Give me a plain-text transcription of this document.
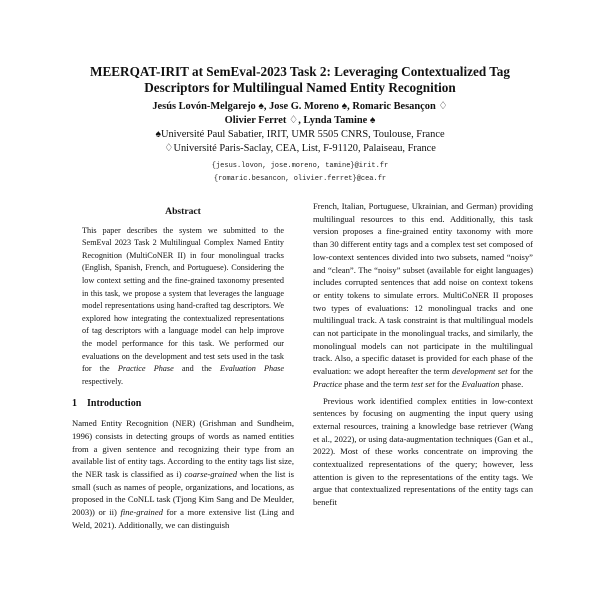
MEERQAT-IRIT at SemEval-2023 Task 2: Leveraging Contextualized Tag
Descriptors for Multilingual Named Entity Recognition
Jesús Lovón-Melgarejo ♠, Jose G. Moreno ♠, Romaric Besançon ♢
Olivier Ferret ♢, Lynda Tamine ♠
♠Université Paul Sabatier, IRIT, UMR 5505 CNRS, Toulouse, France
♢Université Paris-Saclay, CEA, List, F-91120, Palaiseau, France
{jesus.lovon, jose.moreno, tamine}@irit.fr
{romaric.besancon, olivier.ferret}@cea.fr
Abstract

This paper describes the system we submitted to the SemEval 2023 Task 2 Multilingual Complex Named Entity Recognition (MultiCoNER II) in four monolingual tracks (English, Spanish, French, and Portuguese). Considering the low context setting and the fine-grained taxonomy presented in this task, we propose a system that leverages the language model representations using hand-crafted tag descriptors. We explored how integrating the contextualized representations of tag descriptors with a language model can help improve the model performance for this task. We performed our evaluations on the development and test sets used in the task for the Practice Phase and the Evaluation Phase respectively.

1 Introduction

Named Entity Recognition (NER) (Grishman and Sundheim, 1996) consists in detecting groups of words as named entities from a given sentence and recognizing their type from an available list of entity tags. According to the entity tags list size, the NER task is classified as i) coarse-grained when the list is small (such as names of people, organizations, and locations, as proposed in the CoNLL task (Tjong Kim Sang and De Meulder, 2003)) or ii) fine-grained for a more extensive list (Ling and Weld, 2021). Additionally, we can distinguish

French, Italian, Portuguese, Ukrainian, and German) providing multilingual resources to this end. Additionally, this task version proposes a fine-grained entity taxonomy with more than 30 different entity tags and a complex test set composed of low-context sentences divided into two subsets, named “noisy” and “clean”. The “noisy” subset (available for eight languages) includes corrupted sentences that add noise on context tokens or entity tokens to simulate errors. MultiCoNER II proposes two types of evaluations: 12 monolingual tracks and one multilingual track. A task constraint is that multilingual models can not participate in the monolingual tracks, and similarly, the monolingual models can not participate in the multilingual track. Also, a specific dataset is provided for each phase of the evaluation: we adopt hereafter the term development set for the Practice phase and the term test set for the Evaluation phase.

Previous work identified complex entities in low-context sentences by focusing on augmenting the input query using external resources, training a knowledge base retriever (Wang et al., 2022), or using data-augmentation techniques (Gan et al., 2022). Most of these works concentrate on improving the contextualized representations of the query; however, less attention is given to the representations of the entity tags. We argue that contextualized representations of the entity tags can benefit
